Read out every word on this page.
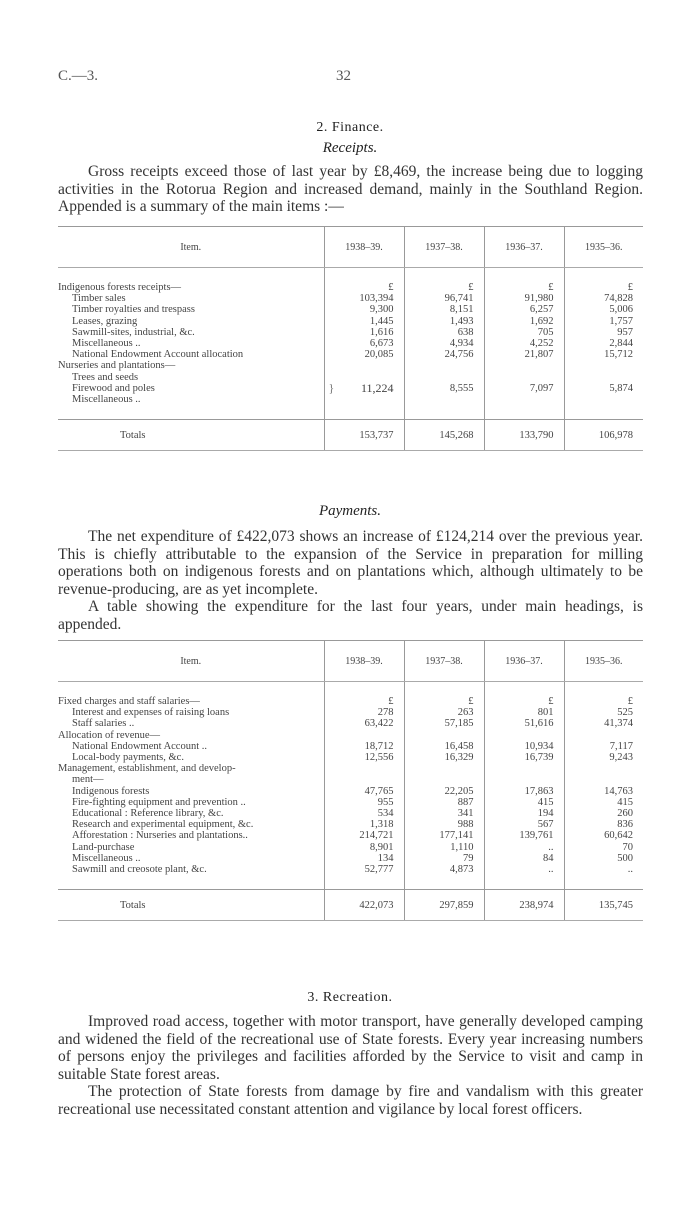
C.—3.	32
2. Finance.
Receipts.

Gross receipts exceed those of last year by £8,469, the increase being due to logging activities in the Rotorua Region and increased demand, mainly in the Southland Region. Appended is a summary of the main items :—

Item.	1938–39.	1937–38.	1936–37.	1935–36.

Indigenous forests receipts—	£	£	£	£
Timber sales	103,394	96,741	91,980	74,828
Timber royalties and trespass	9,300	8,151	6,257	5,006
Leases, grazing	1,445	1,493	1,692	1,757
Sawmill-sites, industrial, &c.	1,616	638	705	957
Miscellaneous ..	6,673	4,934	4,252	2,844
National Endowment Account allocation	20,085	24,756	21,807	15,712
Nurseries and plantations—				
Trees and seeds				
Firewood and poles	} 11,224	8,555	7,097	5,874
Miscellaneous ..				

Totals	153,737	145,268	133,790	106,978
Payments.

The net expenditure of £422,073 shows an increase of £124,214 over the previous year. This is chiefly attributable to the expansion of the Service in preparation for milling operations both on indigenous forests and on plantations which, although ultimately to be revenue-producing, are as yet incomplete.

A table showing the expenditure for the last four years, under main headings, is appended.

Item.	1938–39.	1937–38.	1936–37.	1935–36.

Fixed charges and staff salaries—	£	£	£	£
Interest and expenses of raising loans	278	263	801	525
Staff salaries ..	63,422	57,185	51,616	41,374
Allocation of revenue—				
National Endowment Account ..	18,712	16,458	10,934	7,117
Local-body payments, &c.	12,556	16,329	16,739	9,243
Management, establishment, and develop-				
ment—				
Indigenous forests	47,765	22,205	17,863	14,763
Fire-fighting equipment and prevention ..	955	887	415	415
Educational : Reference library, &c.	534	341	194	260
Research and experimental equipment, &c.	1,318	988	567	836
Afforestation : Nurseries and plantations..	214,721	177,141	139,761	60,642
Land-purchase	8,901	1,110	..	70
Miscellaneous ..	134	79	84	500
Sawmill and creosote plant, &c.	52,777	4,873	..	..

Totals	422,073	297,859	238,974	135,745
3. Recreation.

Improved road access, together with motor transport, have generally developed camping and widened the field of the recreational use of State forests. Every year increasing numbers of persons enjoy the privileges and facilities afforded by the Service to visit and camp in suitable State forest areas.

The protection of State forests from damage by fire and vandalism with this greater recreational use necessitated constant attention and vigilance by local forest officers.
